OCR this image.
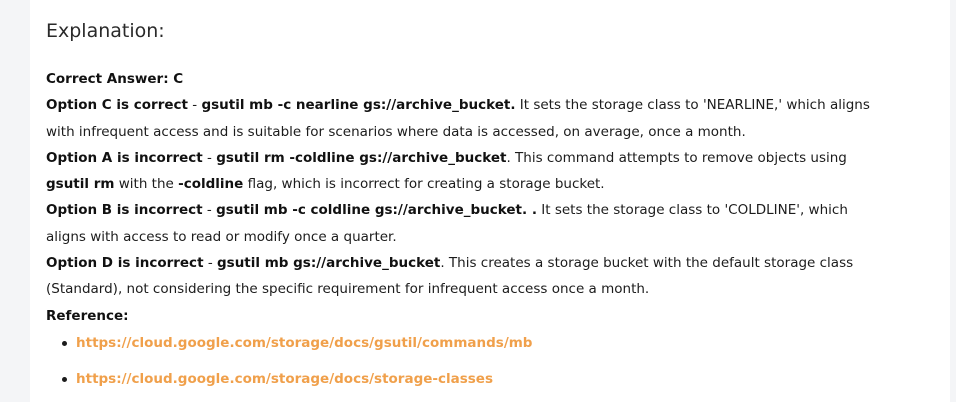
Explanation:

Correct Answer: C

Option C is correct - gsutil mb -c nearline gs://archive_bucket. It sets the storage class to 'NEARLINE,' which aligns with infrequent access and is suitable for scenarios where data is accessed, on average, once a month.

Option A is incorrect - gsutil rm -coldline gs://archive_bucket. This command attempts to remove objects using gsutil rm with the -coldline flag, which is incorrect for creating a storage bucket.

Option B is incorrect - gsutil mb -c coldline gs://archive_bucket. . It sets the storage class to 'COLDLINE', which aligns with access to read or modify once a quarter.

Option D is incorrect - gsutil mb gs://archive_bucket. This creates a storage bucket with the default storage class (Standard), not considering the specific requirement for infrequent access once a month.

Reference:

https://cloud.google.com/storage/docs/gsutil/commands/mb
https://cloud.google.com/storage/docs/storage-classes
